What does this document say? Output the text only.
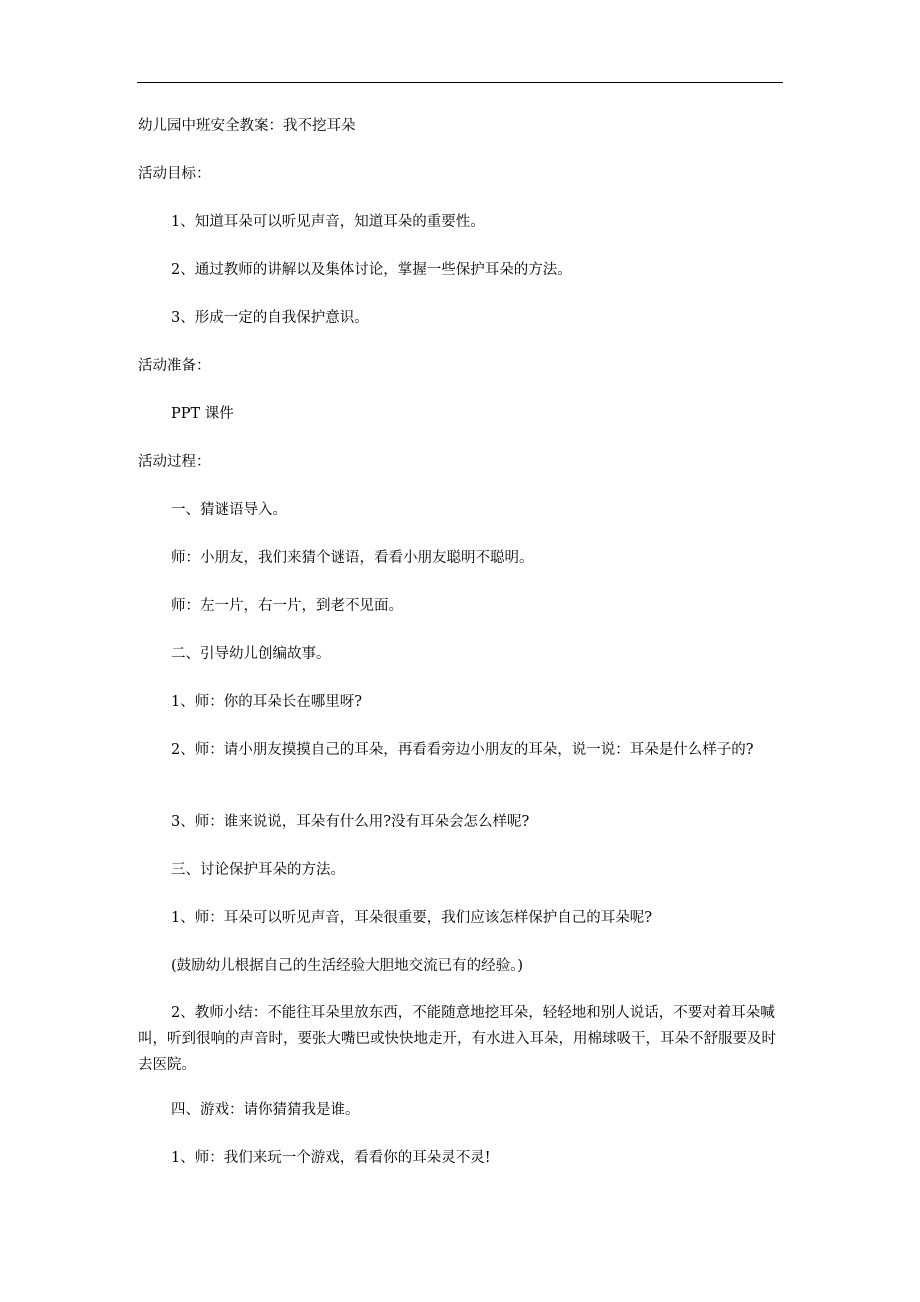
幼儿园中班安全教案：我不挖耳朵
活动目标：
1、知道耳朵可以听见声音，知道耳朵的重要性。
2、通过教师的讲解以及集体讨论，掌握一些保护耳朵的方法。
3、形成一定的自我保护意识。
活动准备：
PPT 课件
活动过程：
一、猜谜语导入。
师：小朋友，我们来猜个谜语，看看小朋友聪明不聪明。
师：左一片，右一片，到老不见面。
二、引导幼儿创编故事。
1、师：你的耳朵长在哪里呀?
2、师：请小朋友摸摸自己的耳朵，再看看旁边小朋友的耳朵，说一说：耳朵是什么样子的?
3、师：谁来说说，耳朵有什么用?没有耳朵会怎么样呢?
三、讨论保护耳朵的方法。
1、师：耳朵可以听见声音，耳朵很重要，我们应该怎样保护自己的耳朵呢?
(鼓励幼儿根据自己的生活经验大胆地交流已有的经验。)
2、教师小结：不能往耳朵里放东西，不能随意地挖耳朵，轻轻地和别人说话，不要对着耳朵喊叫，听到很响的声音时，要张大嘴巴或快快地走开，有水进入耳朵，用棉球吸干，耳朵不舒服要及时去医院。
四、游戏：请你猜猜我是谁。
1、师：我们来玩一个游戏，看看你的耳朵灵不灵!
